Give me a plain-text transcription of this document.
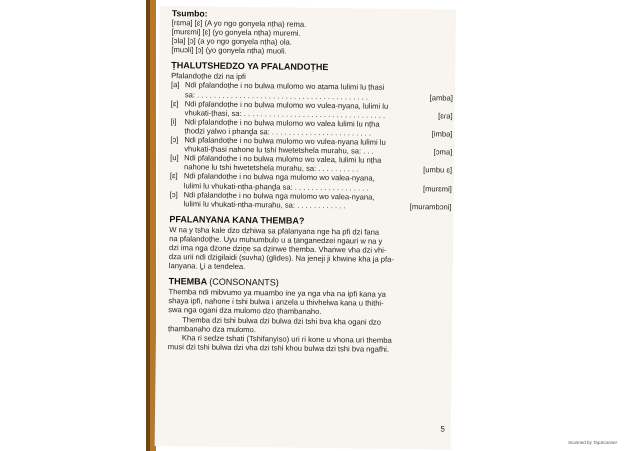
Tsumbo:
[rɛma] [ɛ] (A yo ngo gonyela nṭha) rema.
[murɛmi] [ɛ] (yo gonyela nṭha) muremi.
[ɔla] [ɔ] (a yo ngo gonyela nṭha) ola.
[muɔli] [ɔ] (yo gonyela nṭha) muoli.
ṬHALUTSHEDZO YA PFALANDOṬHE
Pfalandoṭhe dzi na ipfi
[a] Ndi pfalandoṭhe i no bulwa mulomo wo aṭama lulimi lu ṭhasi
sa: . . . . . . . . . . . . . . . . . . . . . . . . . . . . . . . . . . . . . . . . .	[amba]
[ɛ] Ndi pfalandoṭhe i no bulwa mulomo wo vulea-nyana, lulimi lu
vhukati-ṭhasi, sa: . . . . . . . . . . . . . . . . . . . . . . . . . . . . . . . . . .	[ɛɾa]
[i] Ndi pfalandoṭhe i no bulwa mulomo wo valea lulimi lu nṭha
ṭhodzi yalwo i phanḓa sa: . . . . . . . . . . . . . . . . . . . . . . . .	[imba]
[ɔ] Ndi pfalandoṭhe i no bulwa mulomo wo vulea-nyana lulimi lu
vhukati-ṭhasi nahone lu tshi hwetetshela murahu, sa: . . .	[ɔma]
[u] Ndi pfalandoṭhe i no bulwa mulomo wo valea, lulimi lu nṭha
nahone lu tshi hwetetshela murahu, sa: . . . . . . . . . .	[umbu ɛ]
[ɛ] Ndi pfalandoṭhe i no bulwa nga mulomo wo valea-nyana,
lulimi lu vhukati-nṭha-phanḓa sa: . . . . . . . . . . . . . . . . . .	[murɛmi]
[ɔ] Ndi pfalandoṭhe i no bulwa nga mulomo wo valea-nyana,
lulimi lu vhukati-nṭha-murahu, sa: . . . . . . . . . . . .	[muɾambɔni]
PFALANYANA KANA THEMBA?
W na y tsha kale dzo dzhiwa sa pfalanyana nge ha pfi dzi fana
na pfalandoṭhe. Uyu muhumbulo u a ṭanganedzei ngauri w na y
dzi ima nga dzone dziṋe sa dzinwe themba. Vhaṅwe vha dzi vhi-
dza urii ndi dzigilaidi (suvha) (glides). Na jeneji ji khwine kha ja pfa-
lanyana. Ḽi a tendelea.
THEMBA (CONSONANTS)
Themba ndi mibvumo ya muambo ine ya nga vha na ipfi kana ya
shaya ipfi, nahone i tshi bulwa i anzela u thivhelwa kana u thithi-
swa nga ogani dza mulomo dzo ṭhambanaho.
Themba dzi tshi bulwa dzi bulwa dzi tshi bva kha ogani dzo
ṭhambanaho dza mulomo.
Kha ri sedze tshati (Tshifanyiso) uri ri kone u vhona uri themba
musi dzi tshi bulwa dzi vha dzi tshi khou bulwa dzi tshi bva ngafhi.
5
Scanned by TapScanner
